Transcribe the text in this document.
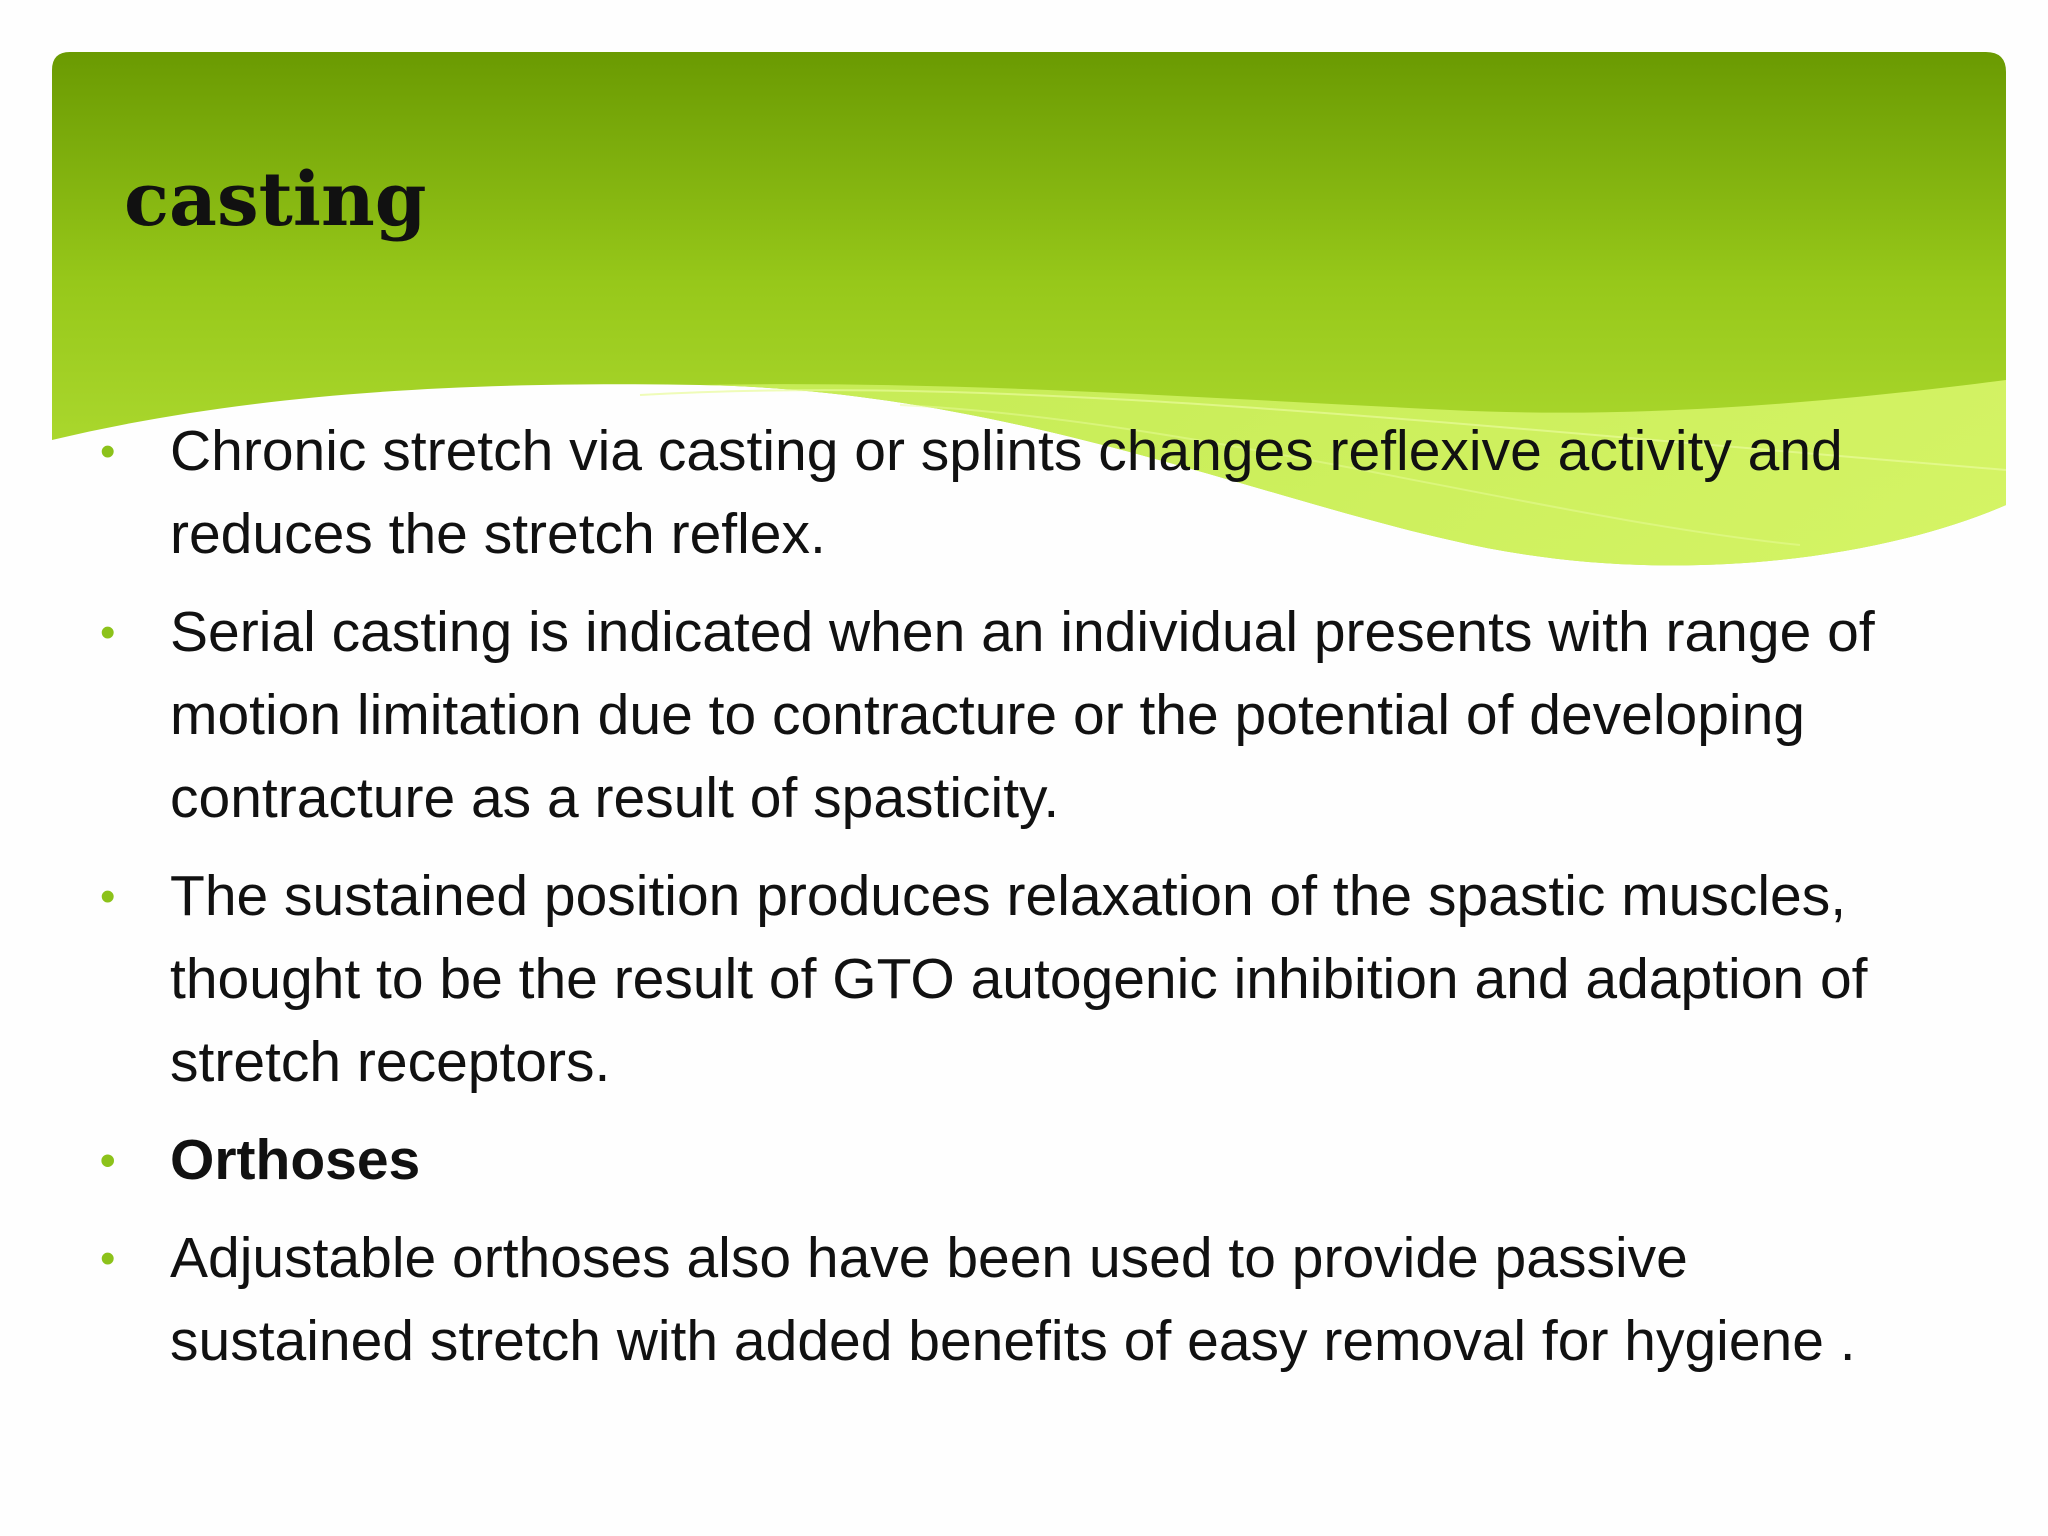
casting
• Chronic stretch via casting or splints changes reflexive activity and reduces the stretch reflex.
• Serial casting is indicated when an individual presents with range of motion limitation due to contracture or the potential of developing contracture as a result of spasticity.
• The sustained position produces relaxation of the spastic muscles, thought to be the result of GTO autogenic inhibition and adaption of stretch receptors.
• Orthoses
• Adjustable orthoses also have been used to provide passive sustained stretch with added benefits of easy removal for hygiene .
